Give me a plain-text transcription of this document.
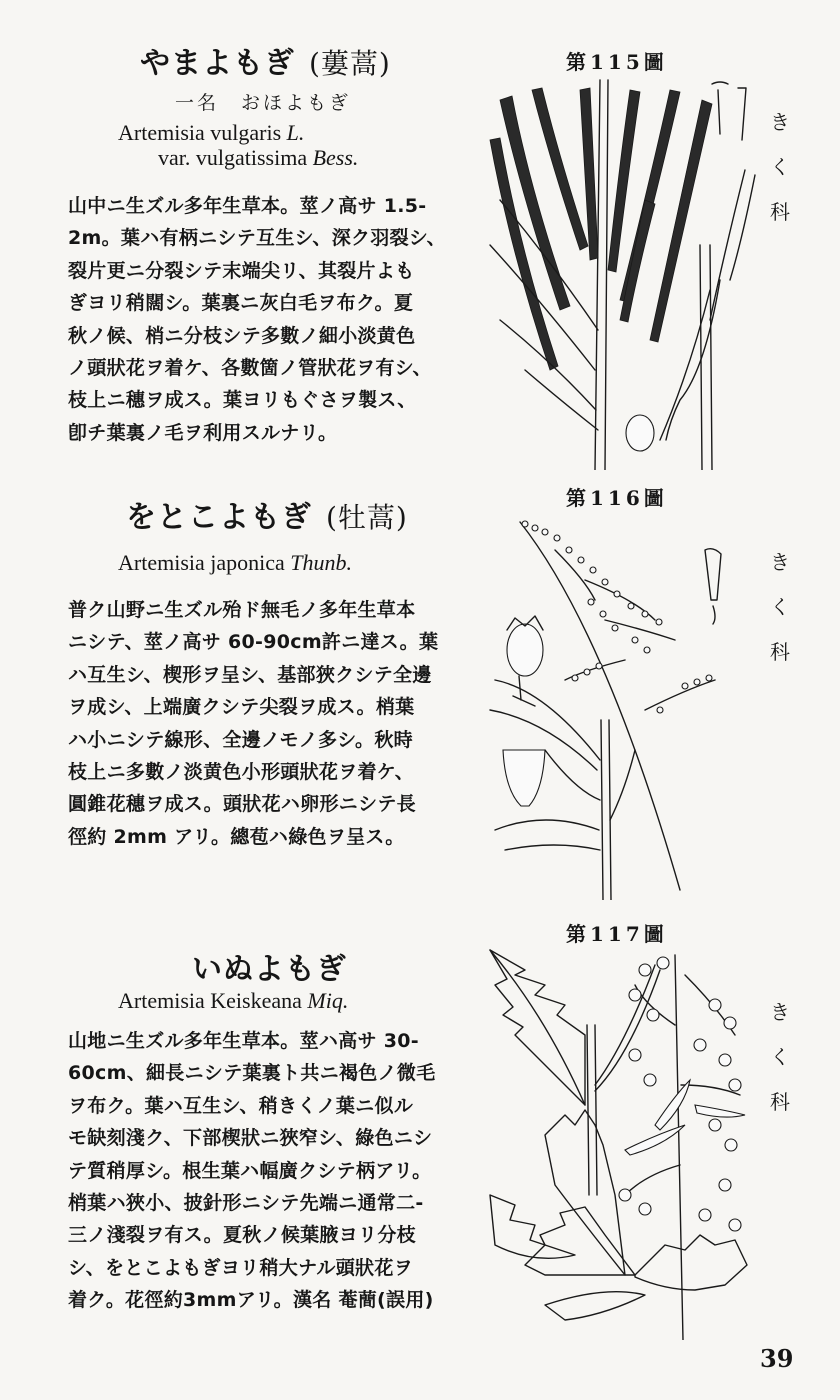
やまよもぎ (蔞蒿)
一名　おほよもぎ
Artemisia vulgaris L.
var. vulgatissima Bess.
山中ニ生ズル多年生草本。莖ノ高サ 1.5-
2m。葉ハ有柄ニシテ互生シ、深ク羽裂シ、
裂片更ニ分裂シテ末端尖リ、其裂片よも
ぎヨリ稍闊シ。葉裏ニ灰白毛ヲ布ク。夏
秋ノ候、梢ニ分枝シテ多數ノ細小淡黄色
ノ頭狀花ヲ着ケ、各數箇ノ管狀花ヲ有シ、
枝上ニ穗ヲ成ス。葉ヨリもぐさヲ製ス、
卽チ葉裏ノ毛ヲ利用スルナリ。
第115圖
き
く
科
をとこよもぎ (牡蒿)
Artemisia japonica Thunb.
普ク山野ニ生ズル殆ド無毛ノ多年生草本
ニシテ、莖ノ高サ 60-90cm許ニ達ス。葉
ハ互生シ、楔形ヲ呈シ、基部狹クシテ全邊
ヲ成シ、上端廣クシテ尖裂ヲ成ス。梢葉
ハ小ニシテ線形、全邊ノモノ多シ。秋時
枝上ニ多數ノ淡黄色小形頭狀花ヲ着ケ、
圓錐花穗ヲ成ス。頭狀花ハ卵形ニシテ長
徑約 2mm アリ。總苞ハ綠色ヲ呈ス。
第116圖
き
く
科
いぬよもぎ
Artemisia Keiskeana Miq.
山地ニ生ズル多年生草本。莖ハ高サ 30-
60cm、細長ニシテ葉裏ト共ニ褐色ノ微毛
ヲ布ク。葉ハ互生シ、稍きくノ葉ニ似ル
モ缺刻淺ク、下部楔狀ニ狹窄シ、綠色ニシ
テ質稍厚シ。根生葉ハ幅廣クシテ柄アリ。
梢葉ハ狹小、披針形ニシテ先端ニ通常二-
三ノ淺裂ヲ有ス。夏秋ノ候葉腋ヨリ分枝
シ、をとこよもぎヨリ稍大ナル頭狀花ヲ
着ク。花徑約3mmアリ。漢名 菴蕳(誤用)
第117圖
き
く
科
39
